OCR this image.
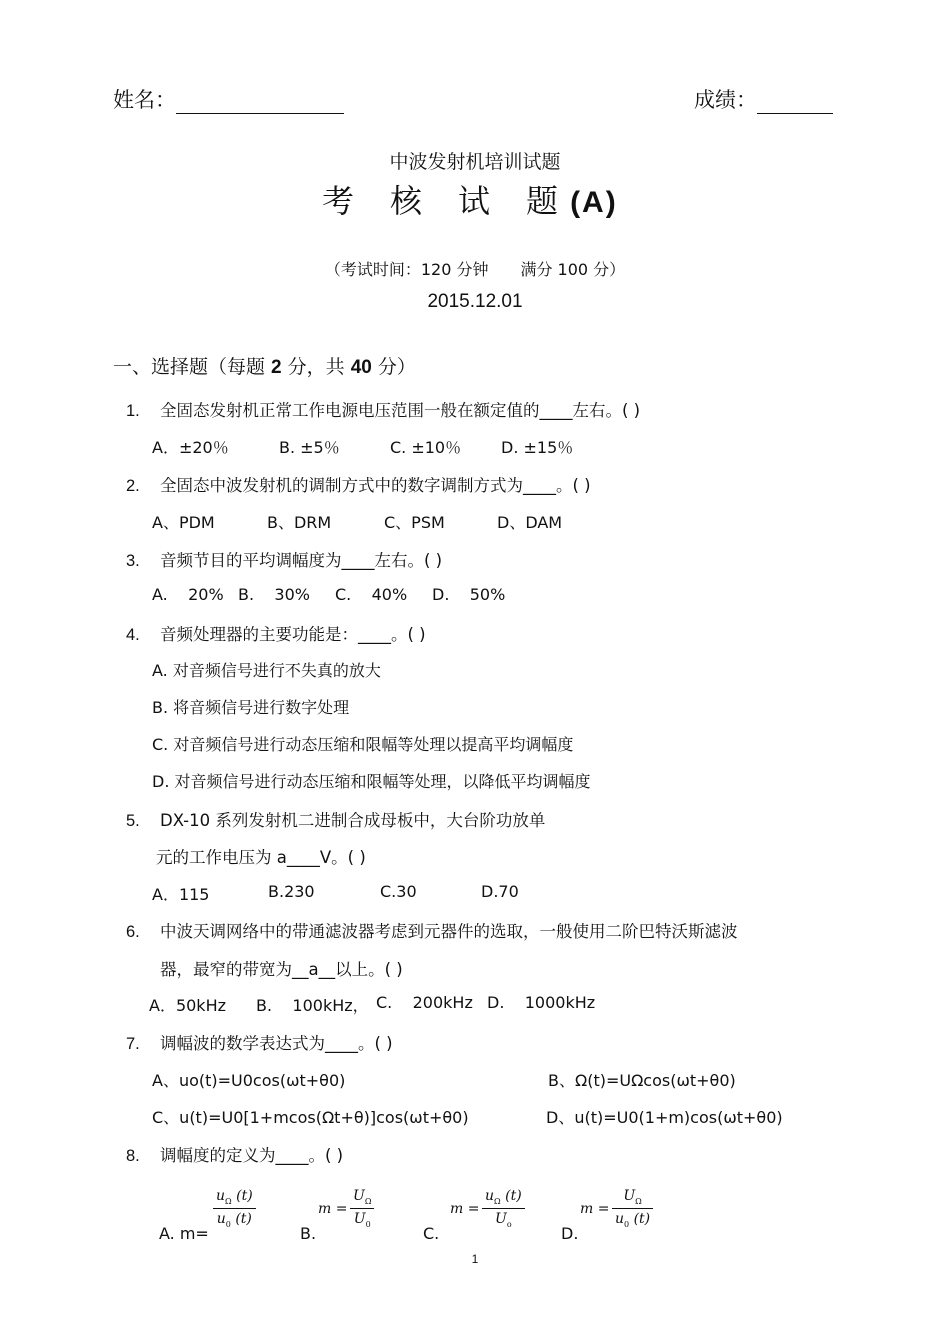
姓名：	成绩：
中波发射机培训试题
考 核 试 题 (A)
（考试时间：120 分钟　　满分 100 分）
2015.12.01
一、选择题（每题 2 分，共 40 分）
1. 全固态发射机正常工作电源电压范围一般在额定值的____左右。( )
A．±20％	B. ±5％	C. ±10％ D. ±15％
2. 全固态中波发射机的调制方式中的数字调制方式为____。( )
A、PDM	B、DRM	C、PSM	D、DAM
3. 音频节目的平均调幅度为____左右。( )
A.    20% B.    30% C.    40% D.    50%
4. 音频处理器的主要功能是：____。( )
A. 对音频信号进行不失真的放大
B. 将音频信号进行数字处理
C. 对音频信号进行动态压缩和限幅等处理以提高平均调幅度
D. 对音频信号进行动态压缩和限幅等处理，以降低平均调幅度
5. DX-10 系列发射机二进制合成母板中，大台阶功放单
元的工作电压为 a____V。( )
A．115	B.230	C.30	D.70
6. 中波天调网络中的带通滤波器考虑到元器件的选取，一般使用二阶巴特沃斯滤波
器，最窄的带宽为__a__以上。( )
A．50kHz B.    100kHz， C.    200kHz D.    1000kHz
7. 调幅波的数学表达式为____。( )
A、uo(t)=U0cos(ωt+θ0)	B、Ω(t)=UΩcos(ωt+θ0)
C、u(t)=U0[1+mcos(Ωt+θ)]cos(ωt+θ0)	D、u(t)=U0(1+m)cos(ωt+θ0)
8. 调幅度的定义为____。( )
A. m=
$u_\Omega$ (t)
$u_0$ (t)
B.
m =
$U_\Omega$
$U_0$	C.
m =
$u_\Omega$ (t)
$U_o$	D.
m =
$U_\Omega$
$u_0$ (t)
1
